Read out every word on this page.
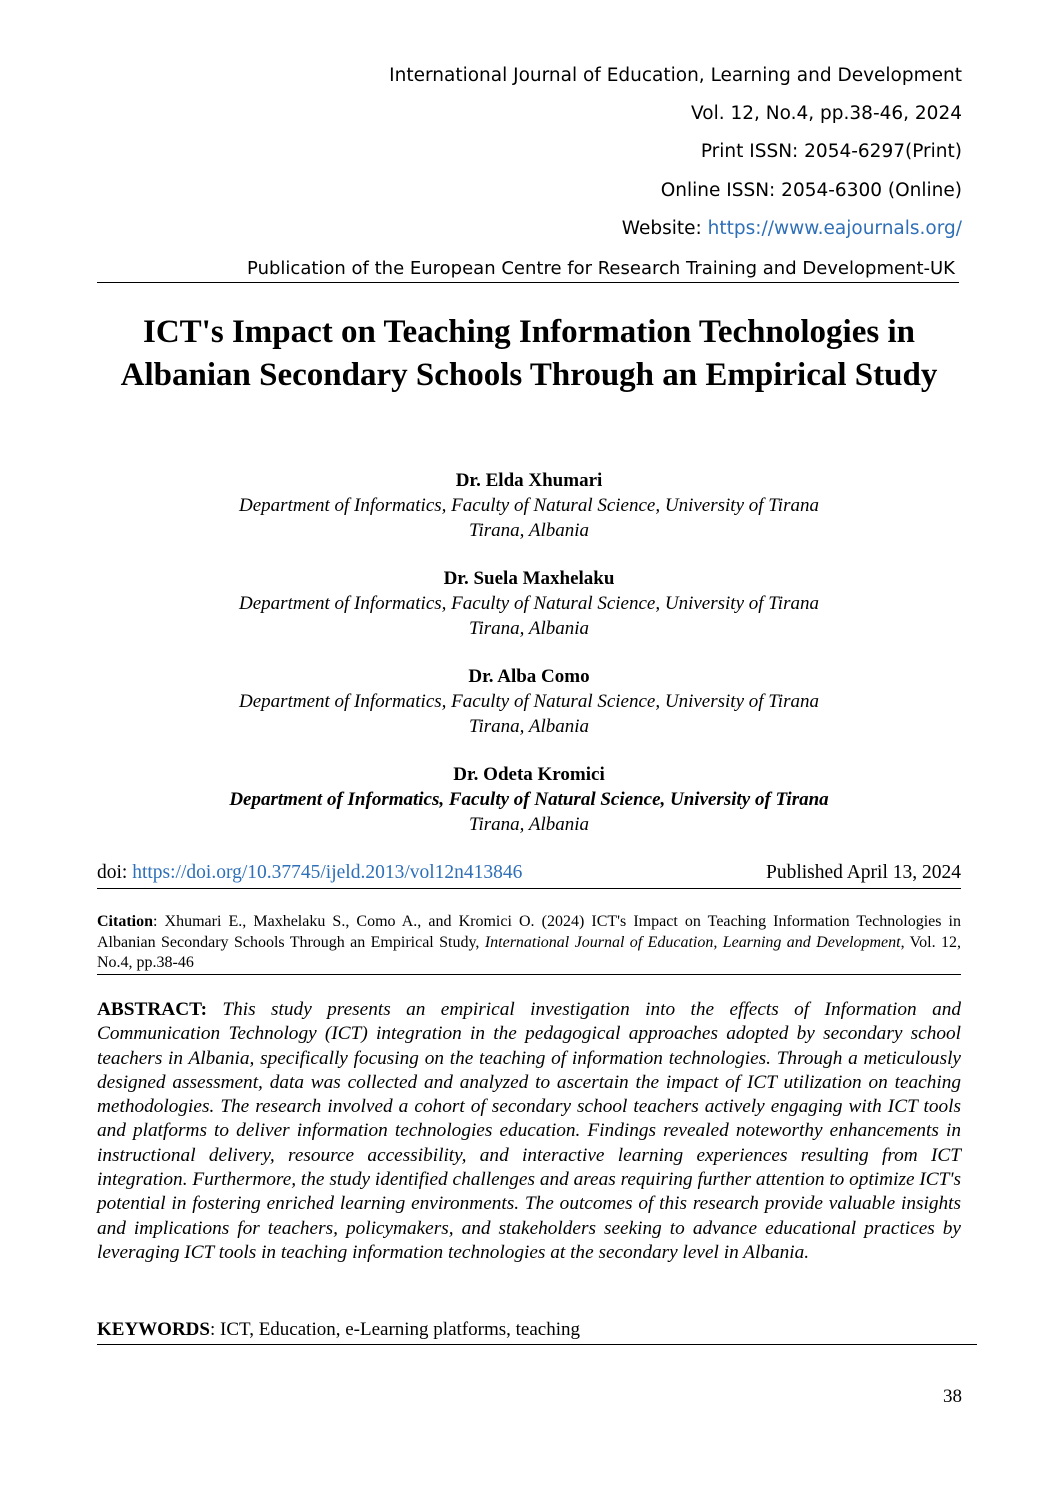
International Journal of Education, Learning and Development
Vol. 12, No.4, pp.38-46, 2024
Print ISSN: 2054-6297(Print)
Online ISSN: 2054-6300 (Online)
Website: https://www.eajournals.org/
Publication of the European Centre for Research Training and Development-UK
ICT's Impact on Teaching Information Technologies in Albanian Secondary Schools Through an Empirical Study
Dr. Elda Xhumari
Department of Informatics, Faculty of Natural Science, University of Tirana
Tirana, Albania
Dr. Suela Maxhelaku
Department of Informatics, Faculty of Natural Science, University of Tirana
Tirana, Albania
Dr. Alba Como
Department of Informatics, Faculty of Natural Science, University of Tirana
Tirana, Albania
Dr. Odeta Kromici
Department of Informatics, Faculty of Natural Science, University of Tirana
Tirana, Albania
doi: https://doi.org/10.37745/ijeld.2013/vol12n413846	Published April 13, 2024
Citation: Xhumari E., Maxhelaku S., Como A., and Kromici O. (2024) ICT's Impact on Teaching Information Technologies in Albanian Secondary Schools Through an Empirical Study, International Journal of Education, Learning and Development, Vol. 12, No.4, pp.38-46
ABSTRACT: This study presents an empirical investigation into the effects of Information and Communication Technology (ICT) integration in the pedagogical approaches adopted by secondary school teachers in Albania, specifically focusing on the teaching of information technologies. Through a meticulously designed assessment, data was collected and analyzed to ascertain the impact of ICT utilization on teaching methodologies. The research involved a cohort of secondary school teachers actively engaging with ICT tools and platforms to deliver information technologies education. Findings revealed noteworthy enhancements in instructional delivery, resource accessibility, and interactive learning experiences resulting from ICT integration. Furthermore, the study identified challenges and areas requiring further attention to optimize ICT's potential in fostering enriched learning environments. The outcomes of this research provide valuable insights and implications for teachers, policymakers, and stakeholders seeking to advance educational practices by leveraging ICT tools in teaching information technologies at the secondary level in Albania.
KEYWORDS: ICT, Education, e-Learning platforms, teaching
38
